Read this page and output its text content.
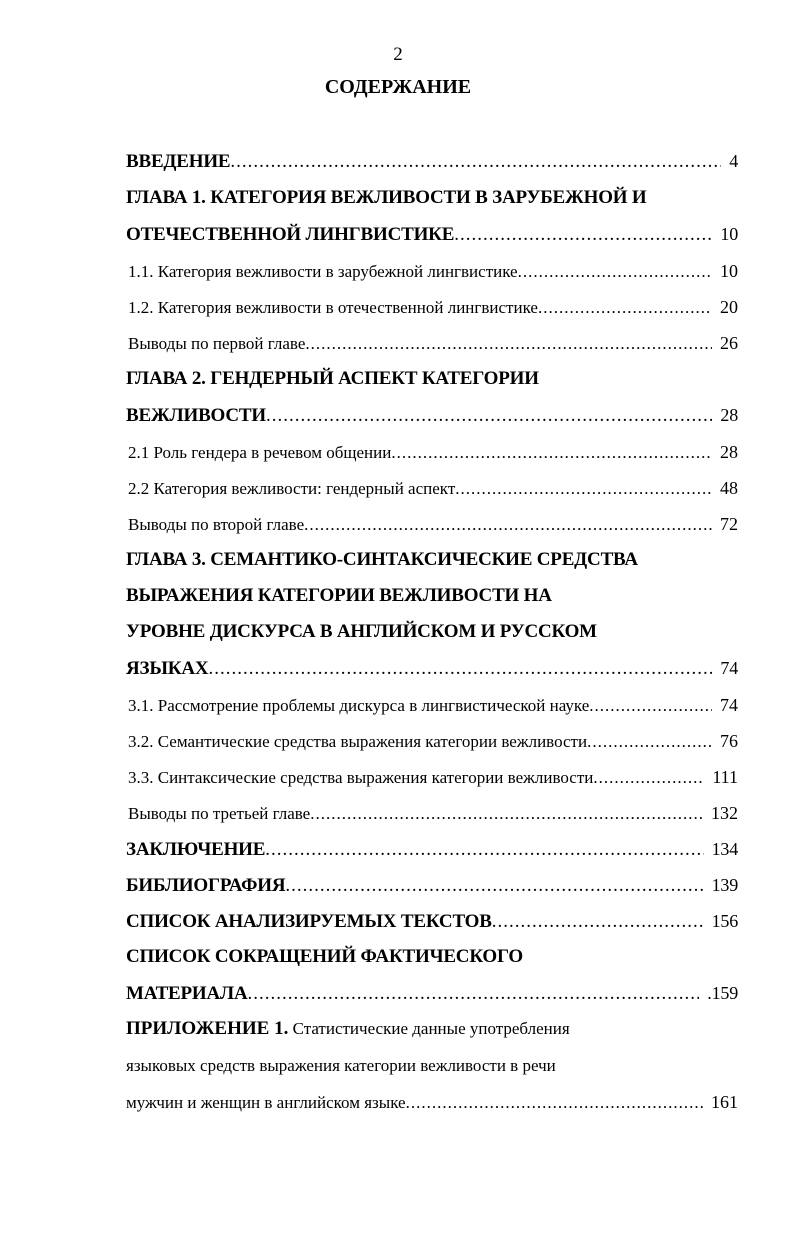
2
СОДЕРЖАНИЕ
ВВЕДЕНИЕ .....	4
ГЛАВА 1. КАТЕГОРИЯ ВЕЖЛИВОСТИ В ЗАРУБЕЖНОЙ И
ОТЕЧЕСТВЕННОЙ ЛИНГВИСТИКЕ .....	10
1.1. Категория вежливости в зарубежной лингвистике .....	10
1.2. Категория вежливости в отечественной лингвистике .....	20
Выводы по первой главе .....	26
ГЛАВА 2. ГЕНДЕРНЫЙ АСПЕКТ КАТЕГОРИИ
ВЕЖЛИВОСТИ .....	28
2.1 Роль гендера в речевом общении .....	28
2.2 Категория вежливости: гендерный аспект .....	48
Выводы по второй главе .....	72
ГЛАВА 3. СЕМАНТИКО-СИНТАКСИЧЕСКИЕ СРЕДСТВА
ВЫРАЖЕНИЯ КАТЕГОРИИ ВЕЖЛИВОСТИ НА
УРОВНЕ ДИСКУРСА В АНГЛИЙСКОМ И РУССКОМ
ЯЗЫКАХ .....	74
3.1. Рассмотрение проблемы дискурса в лингвистической науке .....	74
3.2. Семантические средства выражения категории вежливости .....	76
3.3. Синтаксические средства выражения категории вежливости .....	111
Выводы по третьей главе .....	132
ЗАКЛЮЧЕНИЕ .....	134
БИБЛИОГРАФИЯ .....	139
СПИСОК АНАЛИЗИРУЕМЫХ ТЕКСТОВ .....	156
СПИСОК СОКРАЩЕНИЙ ФАКТИЧЕСКОГО
МАТЕРИАЛА .....	.159
ПРИЛОЖЕНИЕ 1. Статистические данные употребления
языковых средств выражения категории вежливости в речи
мужчин и женщин в английском языке .....	161
